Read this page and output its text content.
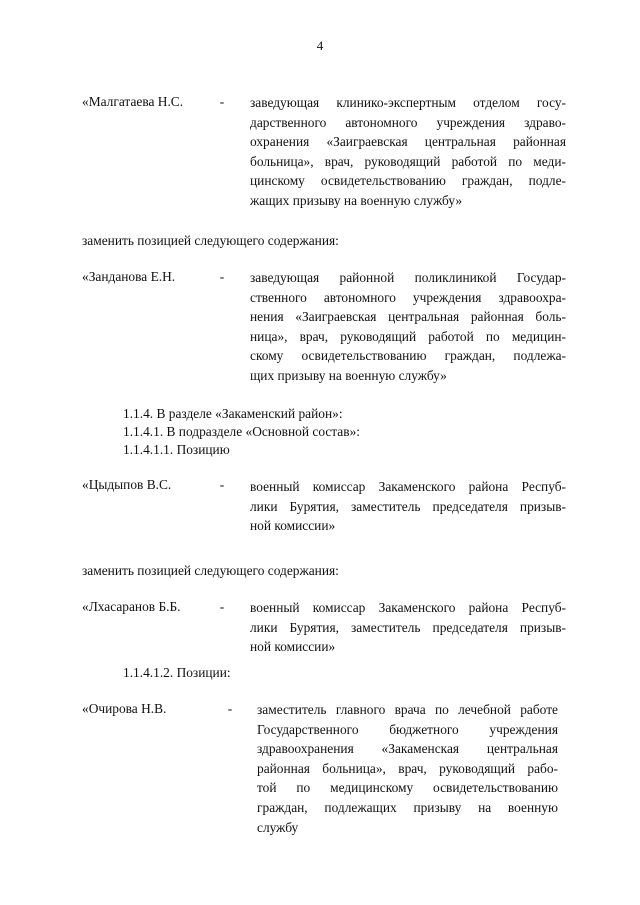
4
«Малгатаева Н.С.	- заведующая клинико-экспертным отделом госу-
дарственного автономного учреждения здраво-
охранения «Заиграевская центральная районная
больница», врач, руководящий работой по меди-
цинскому освидетельствованию граждан, подле-
жащих призыву на военную службу»
заменить позицией следующего содержания:
«Занданова Е.Н.	- заведующая районной поликлиникой Государ-
ственного автономного учреждения здравоохра-
нения «Заиграевская центральная районная боль-
ница», врач, руководящий работой по медицин-
скому освидетельствованию граждан, подлежа-
щих призыву на военную службу»
1.1.4. В разделе «Закаменский район»:
1.1.4.1. В подразделе «Основной состав»:
1.1.4.1.1. Позицию
«Цыдыпов В.С.	- военный комиссар Закаменского района Респуб-
лики Бурятия, заместитель председателя призыв-
ной комиссии»
заменить позицией следующего содержания:
«Лхасаранов Б.Б.	- военный комиссар Закаменского района Респуб-
лики Бурятия, заместитель председателя призыв-
ной комиссии»
1.1.4.1.2. Позиции:
«Очирова Н.В.	- заместитель главного врача по лечебной работе
Государственного бюджетного учреждения
здравоохранения «Закаменская центральная
районная больница», врач, руководящий рабо-
той по медицинскому освидетельствованию
граждан, подлежащих призыву на военную
службу
